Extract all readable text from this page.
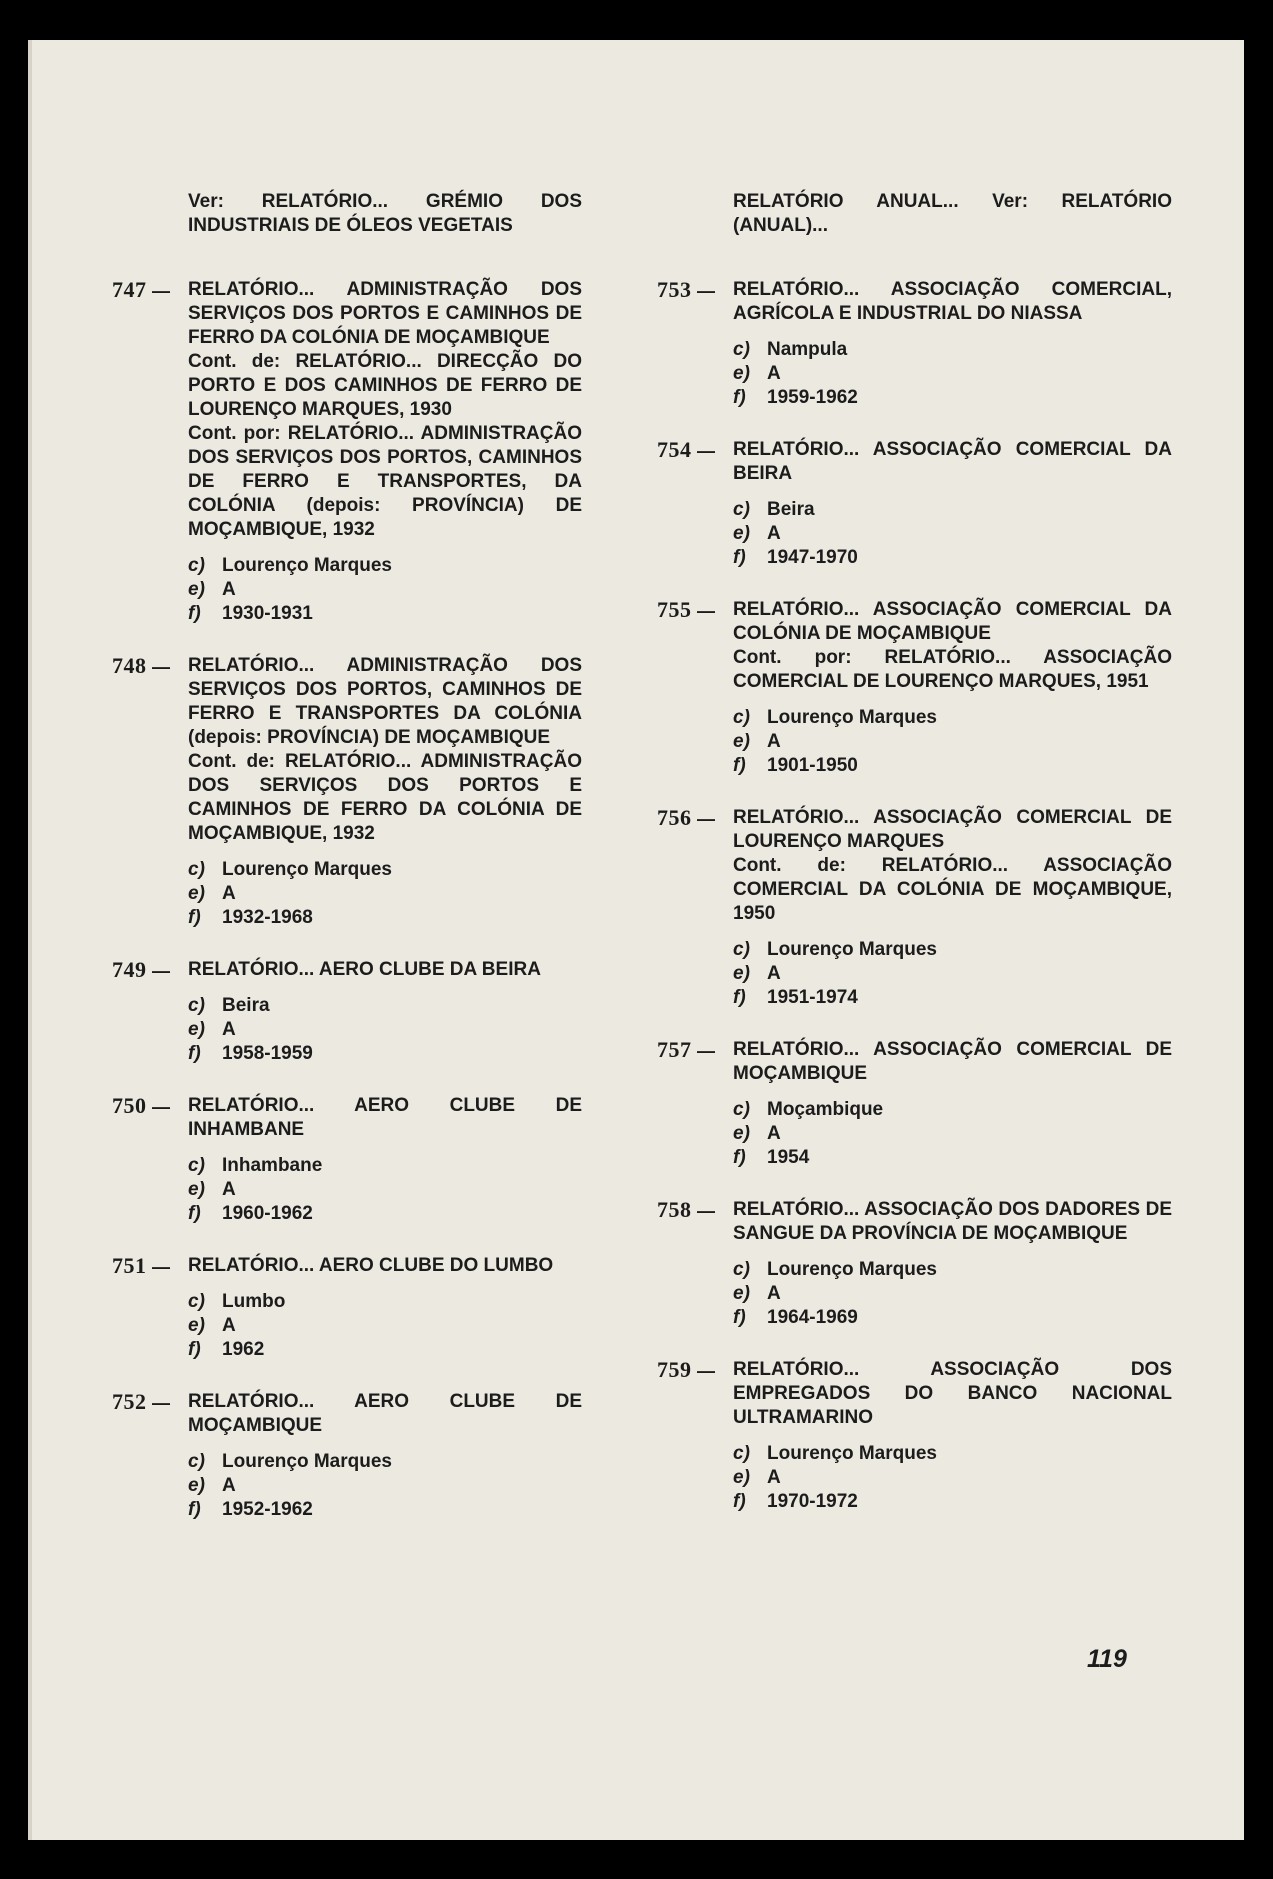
Ver: RELATÓRIO... GRÉMIO DOS INDUSTRIAIS DE ÓLEOS VEGETAIS
747 —	RELATÓRIO... ADMINISTRAÇÃO DOS SERVIÇOS DOS PORTOS E CAMINHOS DE FERRO DA COLÓNIA DE MOÇAMBIQUE
Cont. de: RELATÓRIO... DIRECÇÃO DO PORTO E DOS CAMINHOS DE FERRO DE LOURENÇO MARQUES, 1930
Cont. por: RELATÓRIO... ADMINISTRAÇÃO DOS SERVIÇOS DOS PORTOS, CAMINHOS DE FERRO E TRANSPORTES, DA COLÓNIA (depois: PROVÍNCIA) DE MOÇAMBIQUE, 1932
c) Lourenço Marques
e) A
f)	1930-1931
748 —	RELATÓRIO... ADMINISTRAÇÃO DOS SERVIÇOS DOS PORTOS, CAMINHOS DE FERRO E TRANSPORTES DA COLÓNIA (depois: PROVÍNCIA) DE MOÇAMBIQUE
Cont. de: RELATÓRIO... ADMINISTRAÇÃO DOS SERVIÇOS DOS PORTOS E CAMINHOS DE FERRO DA COLÓNIA DE MOÇAMBIQUE, 1932
c) Lourenço Marques
e) A
f)	1932-1968
749 —	RELATÓRIO... AERO CLUBE DA BEIRA
c) Beira
e) A
f)	1958-1959
750 —	RELATÓRIO... AERO CLUBE DE INHAMBANE
c) Inhambane
e) A
f)	1960-1962
751 —	RELATÓRIO... AERO CLUBE DO LUMBO
c) Lumbo
e) A
f)	1962
752 —	RELATÓRIO... AERO CLUBE DE MOÇAMBIQUE
c) Lourenço Marques
e) A
f)	1952-1962
RELATÓRIO ANUAL... Ver: RELATÓRIO (ANUAL)...
753 —	RELATÓRIO... ASSOCIAÇÃO COMERCIAL, AGRÍCOLA E INDUSTRIAL DO NIASSA
c) Nampula
e) A
f)	1959-1962
754 —	RELATÓRIO... ASSOCIAÇÃO COMERCIAL DA BEIRA
c) Beira
e) A
f)	1947-1970
755 —	RELATÓRIO... ASSOCIAÇÃO COMERCIAL DA COLÓNIA DE MOÇAMBIQUE
Cont. por: RELATÓRIO... ASSOCIAÇÃO COMERCIAL DE LOURENÇO MARQUES, 1951
c) Lourenço Marques
e) A
f)	1901-1950
756 —	RELATÓRIO... ASSOCIAÇÃO COMERCIAL DE LOURENÇO MARQUES
Cont. de: RELATÓRIO... ASSOCIAÇÃO COMERCIAL DA COLÓNIA DE MOÇAMBIQUE, 1950
c) Lourenço Marques
e) A
f)	1951-1974
757 —	RELATÓRIO... ASSOCIAÇÃO COMERCIAL DE MOÇAMBIQUE
c) Moçambique
e) A
f)	1954
758 —	RELATÓRIO... ASSOCIAÇÃO DOS DADORES DE SANGUE DA PROVÍNCIA DE MOÇAMBIQUE
c) Lourenço Marques
e) A
f)	1964-1969
759 —	RELATÓRIO... ASSOCIAÇÃO DOS EMPREGADOS DO BANCO NACIONAL ULTRAMARINO
c) Lourenço Marques
e) A
f)	1970-1972
119
